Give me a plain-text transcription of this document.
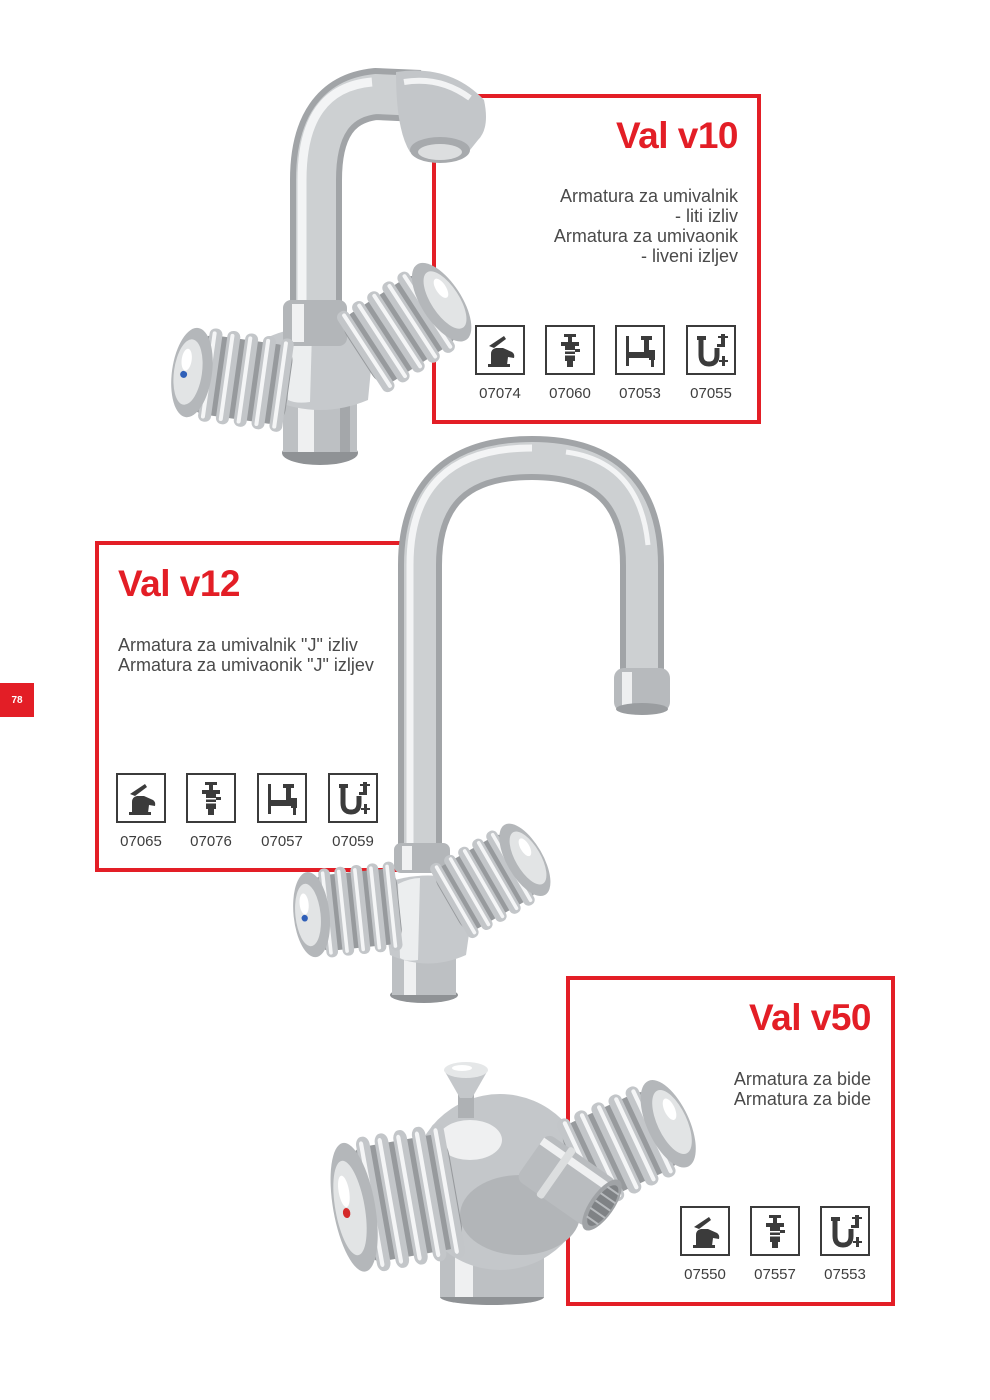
78
Val v10
Armatura za umivalnik
- liti izliv
Armatura za umivaonik
- liveni izljev
07074	07060	07053	07055
Val v12
Armatura za umivalnik "J" izliv
Armatura za umivaonik "J" izljev
07065	07076	07057	07059
Val v50
Armatura za bide
Armatura za bide
07550	07557	07553
